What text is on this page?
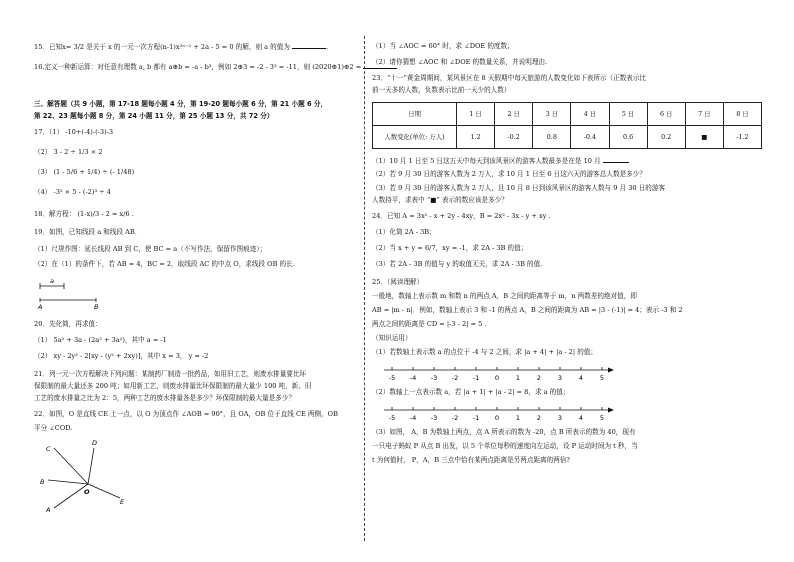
15．已知x= 3/2 是关于 x 的一元一次方程(n-1)x²ⁿ⁻¹ + 2a - 5 = 0 的解，则 a 的值为	.
16.定义一种新运算：对任意有理数 a, b 都有 a⊕b = -a - b³，例如 2⊕3 = -2 - 3³ = -11，则 (2020⊕1)⊕2 =
三、解答题（共 9 小题，第 17-18 题每小题 4 分，第 19-20 题每小题 6 分，第 21 小题 6 分，
第 22、23 题每小题 8 分，第 24 小题 11 分，第 25 小题 13 分，共 72 分）
17．（1） -10+(-4)-(-3)-3
（2） 3 - 2 ÷ 1/3 × 2
（3） (1 - 5/6 + 1/4) ÷ (- 1/48)
（4） -3² × 5 - (-2)³ ÷ 4
18．解方程： (1-x)/3 - 2 = x/6 .
19．如图，已知线段 a 和线段 AB．
（1）尺规作图：延长线段 AB 到 C，使 BC = a（不写作法，保留作图痕迹）；
（2）在（1）的条件下，若 AB = 4，BC = 2，取线段 AC 的中点 O，求线段 OB 的长.
a
A	B
20．先化简，再求值：
（1） 5a² + 3a - (2a² + 3a²)，其中 a = -1
（2） xy - 2y² - 2[xy - (y² + 2xy)]，其中 x = 3， y = -2
21．列一元一次方程解决下列问题：某制药厂制造一批药品，如用旧工艺，则废水排量要比环
保限制的最大量还多 200 吨；如用新工艺，则废水排量比环保限制的最大量少 100 吨，新、旧
工艺的废水排量之比为 2：5，两种工艺的废水排量各是多少？环保限制的最大量是多少？
22．如图，O 是直线 CE 上一点，以 O 为顶点作 ∠AOB = 90°，且 OA，OB 位于直线 CE 两侧，OB
平分 ∠COD.
C
B
O
A
D
E
（1）当 ∠AOC = 60° 时，求 ∠DOE 的度数；
（2）请你猜想 ∠AOC 和 ∠DOE 的数量关系，并说明理由.
23．“十一”黄金周期间，某风景区在 8 天假期中每天旅游的人数变化如下表所示（正数表示比
前一天多的人数，负数表示比前一天少的人数）
日期	1 日	2 日	3 日	4 日	5 日	6 日	7 日	8 日
人数变化(单位: 万人)	1.2	-0.2	0.8	-0.4	0.6	0.2	■	-1.2
（1）10 月 1 日至 5 日这五天中每天到该风景区的游客人数最多是在是 10 月
（2）若 9 月 30 日的游客人数为 2 万人，求 10 月 1 日至 6 日这六天的游客总人数是多少？
（3）若 9 月 30 日的游客人数为 2 万人，且 10 月 8 日到该风景区的游客人数与 9 月 30 日的游客
人数持平，求表中 “■” 表示的数应该是多少？
24．已知 A = 3x² - x + 2y - 4xy，B = 2x² - 3x - y + xy .
（1）化简 2A - 3B；
（2）当 x + y = 6/7，xy = -1，求 2A - 3B 的值；
（3）若 2A - 3B 的值与 y 的取值无关，求 2A - 3B 的值.
25．（阅读理解）
一般地，数轴上表示数 m 和数 n 的两点 A，B 之间的距离等于 m，n 两数差的绝对值，即
AB = |m - n|．例如，数轴上表示 3 和 -1 的两点 A，B 之间的距离为 AB = |3 - (-1)| = 4；表示 -3 和 2
两点之间的距离是 CD = |-3 - 2| = 5 .
（知识运用）
（1）若数轴上表示数 a 的点位于 -4 与 2 之间，求 |a + 4| + |a - 2| 的值；
-5 -4 -3 -2 -1 0	1	2	3	4	5
（2）数轴上一点表示数 a，若 |a + 1| + |a - 2| = 8，求 a 的值；
-5 -4 -3 -2 -1 0	1	2	3	4	5
（3）如图， A，B 为数轴上两点，点 A 所表示的数为 -20，点 B 所表示的数为 40，现有
一只电子蚂蚁 P 从点 B 出发，以 5 个单位每秒的速度向左运动，设 P 运动时间为 t 秒，当
t 为何值时， P，A，B 三点中恰有某两点距离是另两点距离的两倍?
